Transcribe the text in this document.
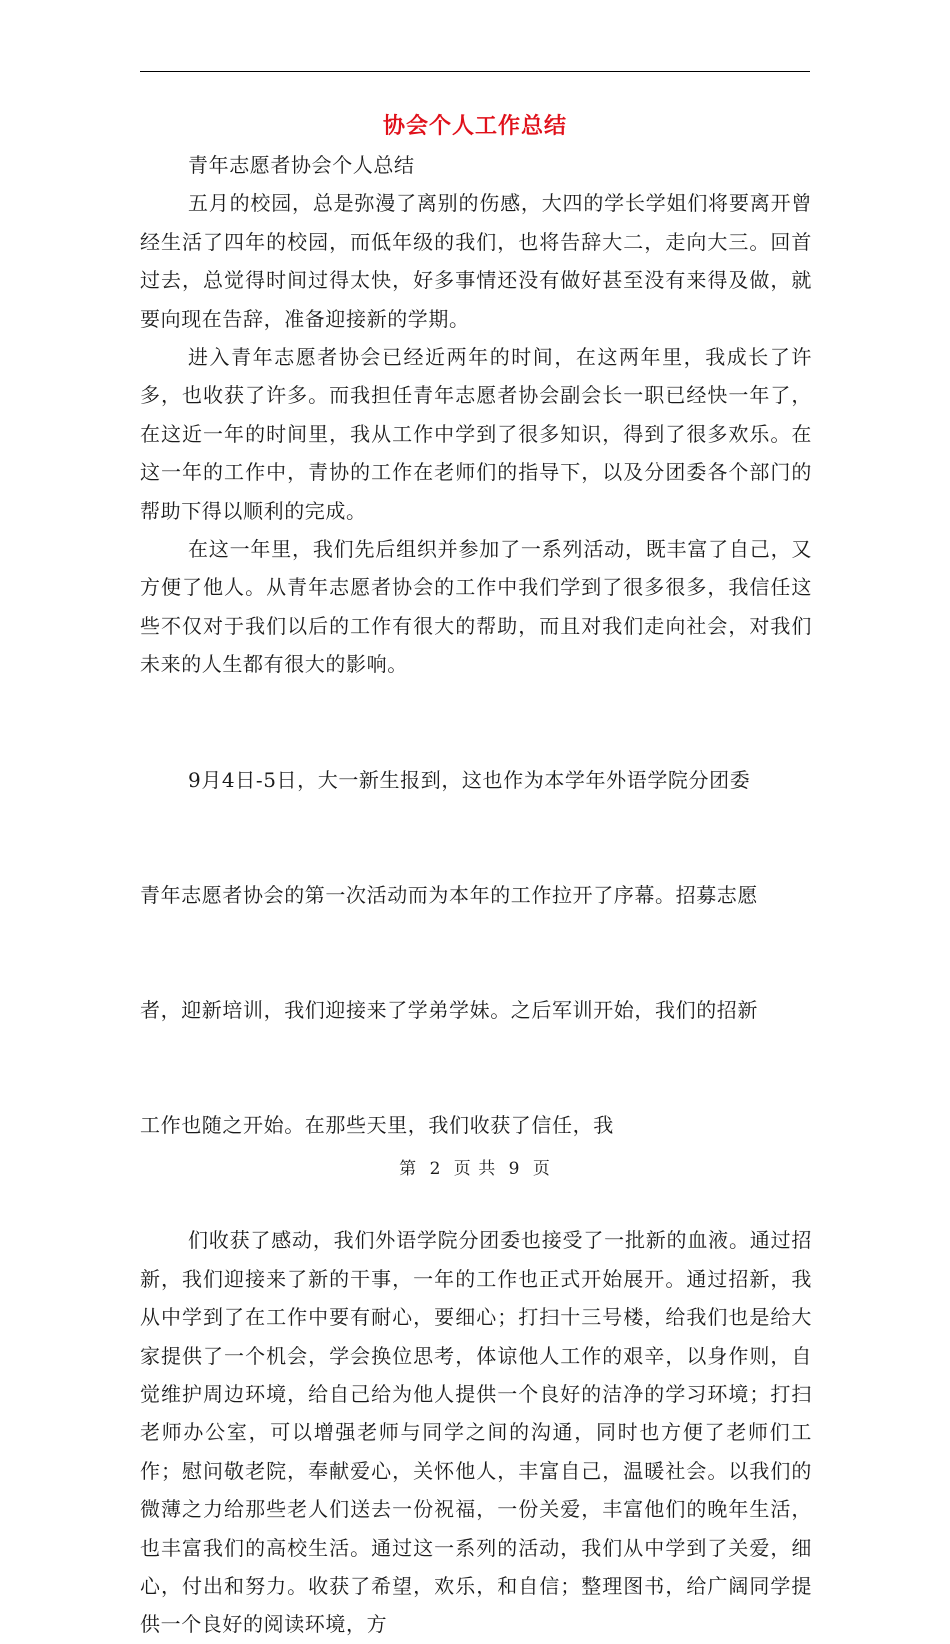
协会个人工作总结

青年志愿者协会个人总结

五月的校园，总是弥漫了离别的伤感，大四的学长学姐们将要离开曾经生活了四年的校园，而低年级的我们，也将告辞大二，走向大三。回首过去，总觉得时间过得太快，好多事情还没有做好甚至没有来得及做，就要向现在告辞，准备迎接新的学期。

进入青年志愿者协会已经近两年的时间，在这两年里，我成长了许多，也收获了许多。而我担任青年志愿者协会副会长一职已经快一年了，在这近一年的时间里，我从工作中学到了很多知识，得到了很多欢乐。在这一年的工作中，青协的工作在老师们的指导下，以及分团委各个部门的帮助下得以顺利的完成。

在这一年里，我们先后组织并参加了一系列活动，既丰富了自己，又方便了他人。从青年志愿者协会的工作中我们学到了很多很多，我信任这些不仅对于我们以后的工作有很大的帮助，而且对我们走向社会，对我们未来的人生都有很大的影响。

9月4日-5日，大一新生报到，这也作为本学年外语学院分团委

青年志愿者协会的第一次活动而为本年的工作拉开了序幕。招募志愿

者，迎新培训，我们迎接来了学弟学妹。之后军训开始，我们的招新

工作也随之开始。在那些天里，我们收获了信任，我

们收获了感动，我们外语学院分团委也接受了一批新的血液。通过招新，我们迎接来了新的干事，一年的工作也正式开始展开。通过招新，我从中学到了在工作中要有耐心，要细心；打扫十三号楼，给我们也是给大家提供了一个机会，学会换位思考，体谅他人工作的艰辛，以身作则，自觉维护周边环境，给自己给为他人提供一个良好的洁净的学习环境；打扫老师办公室，可以增强老师与同学之间的沟通，同时也方便了老师们工作；慰问敬老院，奉献爱心，关怀他人，丰富自己，温暖社会。以我们的微薄之力给那些老人们送去一份祝福，一份关爱，丰富他们的晚年生活，也丰富我们的高校生活。通过这一系列的活动，我们从中学到了关爱，细心，付出和努力。收获了希望，欢乐，和自信；整理图书，给广阔同学提供一个良好的阅读环境，方

第 2 页 共 9 页
